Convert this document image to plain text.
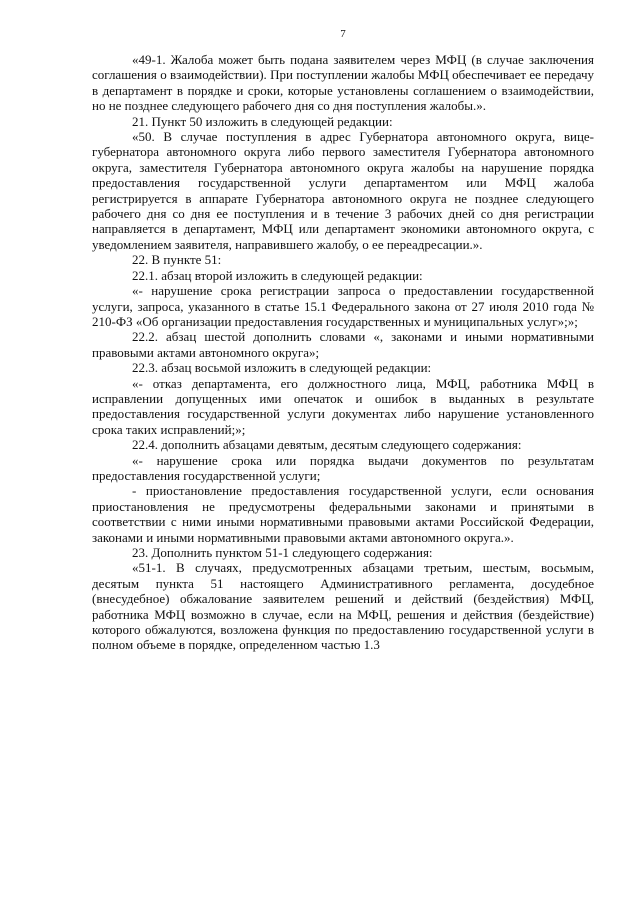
7

«49-1. Жалоба может быть подана заявителем через МФЦ (в случае заключения соглашения о взаимодействии). При поступлении жалобы МФЦ обеспечивает ее передачу в департамент в порядке и сроки, которые установлены соглашением о взаимодействии, но не позднее следующего рабочего дня со дня поступления жалобы.».

21. Пункт 50 изложить в следующей редакции:

«50. В случае поступления в адрес Губернатора автономного округа, вице-губернатора автономного округа либо первого заместителя Губернатора автономного округа, заместителя Губернатора автономного округа жалобы на нарушение порядка предоставления государственной услуги департаментом или МФЦ жалоба регистрируется в аппарате Губернатора автономного округа не позднее следующего рабочего дня со дня ее поступления и в течение 3 рабочих дней со дня регистрации направляется в департамент, МФЦ или департамент экономики автономного округа, с уведомлением заявителя, направившего жалобу, о ее переадресации.».

22. В пункте 51:

22.1. абзац второй изложить в следующей редакции:

«- нарушение срока регистрации запроса о предоставлении государственной услуги, запроса, указанного в статье 15.1 Федерального закона от 27 июля 2010 года № 210-ФЗ «Об организации предоставления государственных и муниципальных услуг»;»;

22.2. абзац шестой дополнить словами «, законами и иными нормативными правовыми актами автономного округа»;

22.3. абзац восьмой изложить в следующей редакции:

«- отказ департамента, его должностного лица, МФЦ, работника МФЦ в исправлении допущенных ими опечаток и ошибок в выданных в результате предоставления государственной услуги документах либо нарушение установленного срока таких исправлений;»;

22.4. дополнить абзацами девятым, десятым следующего содержания:

«- нарушение срока или порядка выдачи документов по результатам предоставления государственной услуги;

- приостановление предоставления государственной услуги, если основания приостановления не предусмотрены федеральными законами и принятыми в соответствии с ними иными нормативными правовыми актами Российской Федерации, законами и иными нормативными правовыми актами автономного округа.».

23. Дополнить пунктом 51-1 следующего содержания:

«51-1. В случаях, предусмотренных абзацами третьим, шестым, восьмым, десятым пункта 51 настоящего Административного регламента, досудебное (внесудебное) обжалование заявителем решений и действий (бездействия) МФЦ, работника МФЦ возможно в случае, если на МФЦ, решения и действия (бездействие) которого обжалуются, возложена функция по предоставлению государственной услуги в полном объеме в порядке, определенном частью 1.3
